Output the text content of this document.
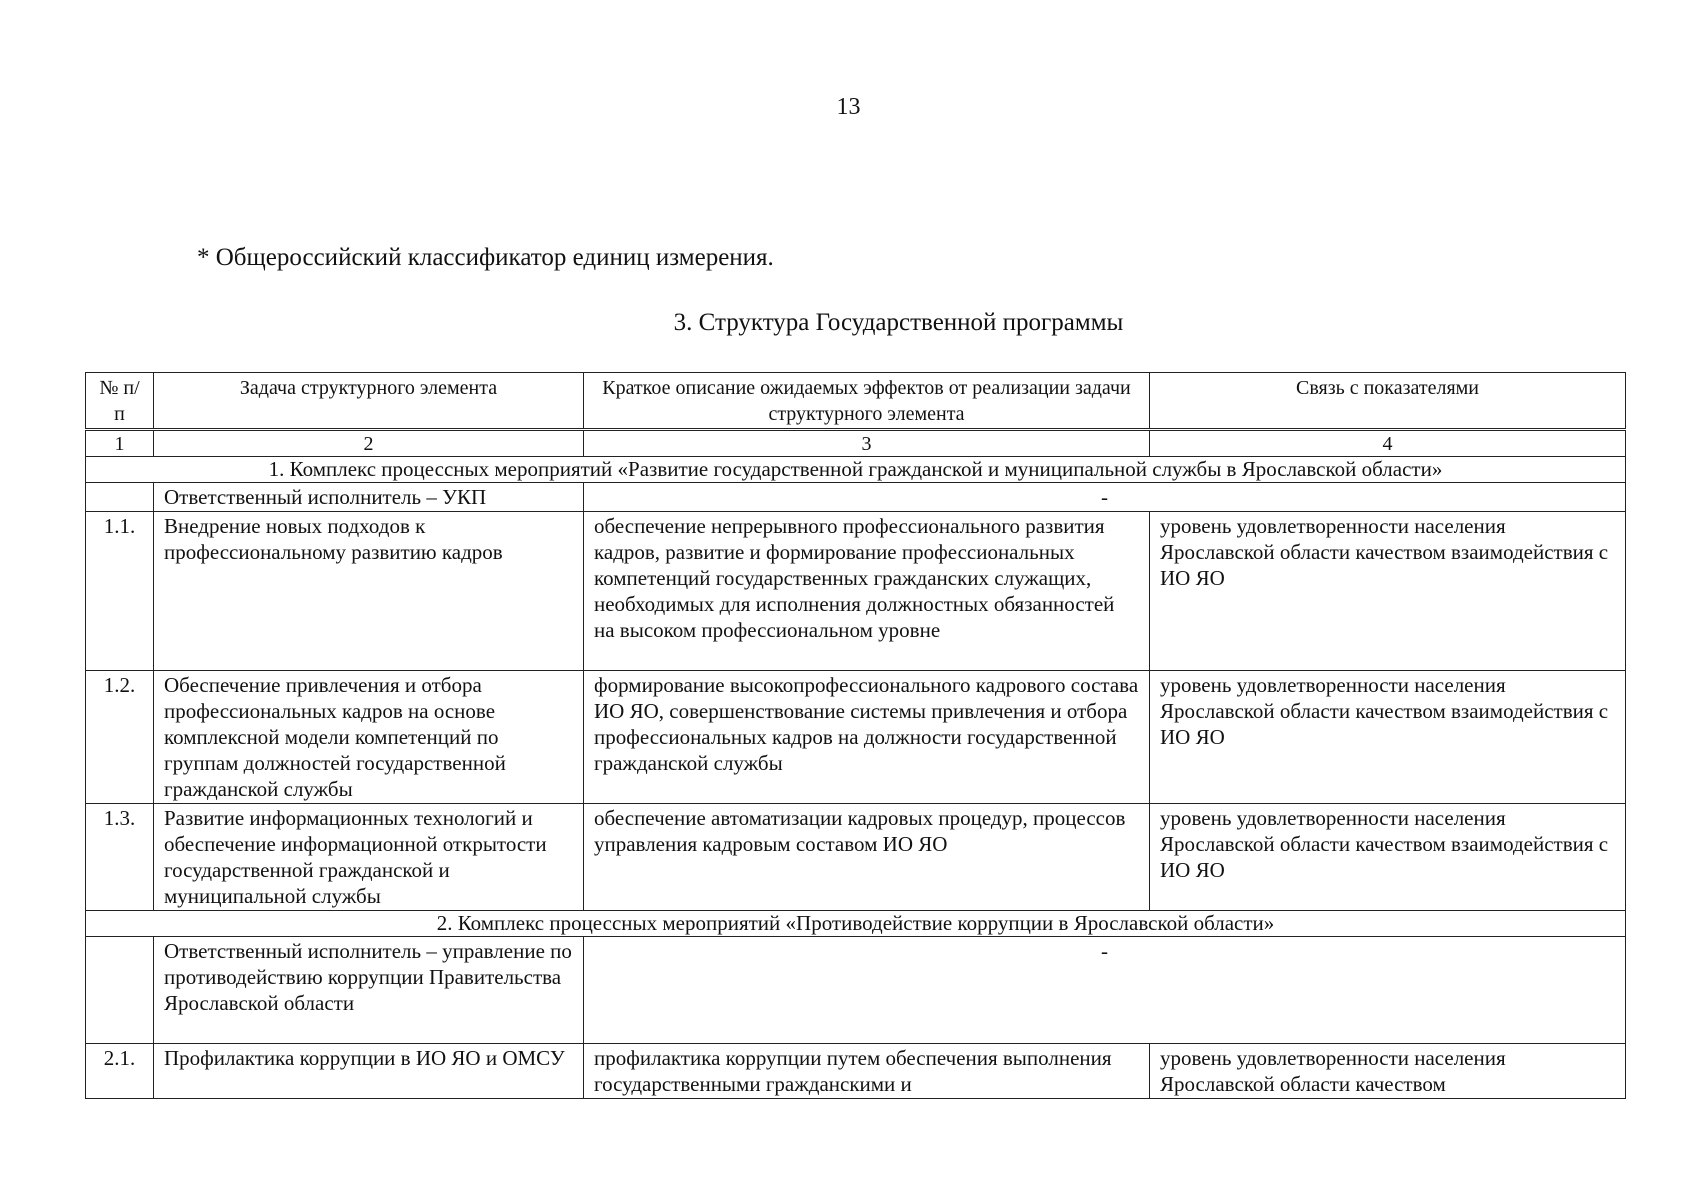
13
* Общероссийский классификатор единиц измерения.
3. Структура Государственной программы
№ п/п	Задача структурного элемента	Краткое описание ожидаемых эффектов от реализации задачи структурного элемента	Связь с показателями
1	2	3	4
1. Комплекс процессных мероприятий «Развитие государственной гражданской и муниципальной службы в Ярославской области»			
	Ответственный исполнитель – УКП	-	
1.1.	Внедрение новых подходов к профессиональному развитию кадров	обеспечение непрерывного профессионального развития кадров, развитие и формирование профессиональных компетенций государственных гражданских служащих, необходимых для исполнения должностных обязанностей на высоком профессиональном уровне	уровень удовлетворенности населения Ярославской области качеством взаимодействия с ИО ЯО
1.2.	Обеспечение привлечения и отбора профессиональных кадров на основе комплексной модели компетенций по группам должностей государственной гражданской службы	формирование высокопрофессионального кадрового состава ИО ЯО, совершенствование системы привлечения и отбора профессиональных кадров на должности государственной гражданской службы	уровень удовлетворенности населения Ярославской области качеством взаимодействия с ИО ЯО
1.3.	Развитие информационных технологий и обеспечение информационной открытости государственной гражданской и муниципальной службы	обеспечение автоматизации кадровых процедур, процессов управления кадровым составом ИО ЯО	уровень удовлетворенности населения Ярославской области качеством взаимодействия с ИО ЯО
2. Комплекс процессных мероприятий «Противодействие коррупции в Ярославской области»			
	Ответственный исполнитель – управление по противодействию коррупции Правительства Ярославской области	-	
2.1.	Профилактика коррупции в ИО ЯО и ОМСУ	профилактика коррупции путем обеспечения выполнения государственными гражданскими и	уровень удовлетворенности населения Ярославской области качеством
